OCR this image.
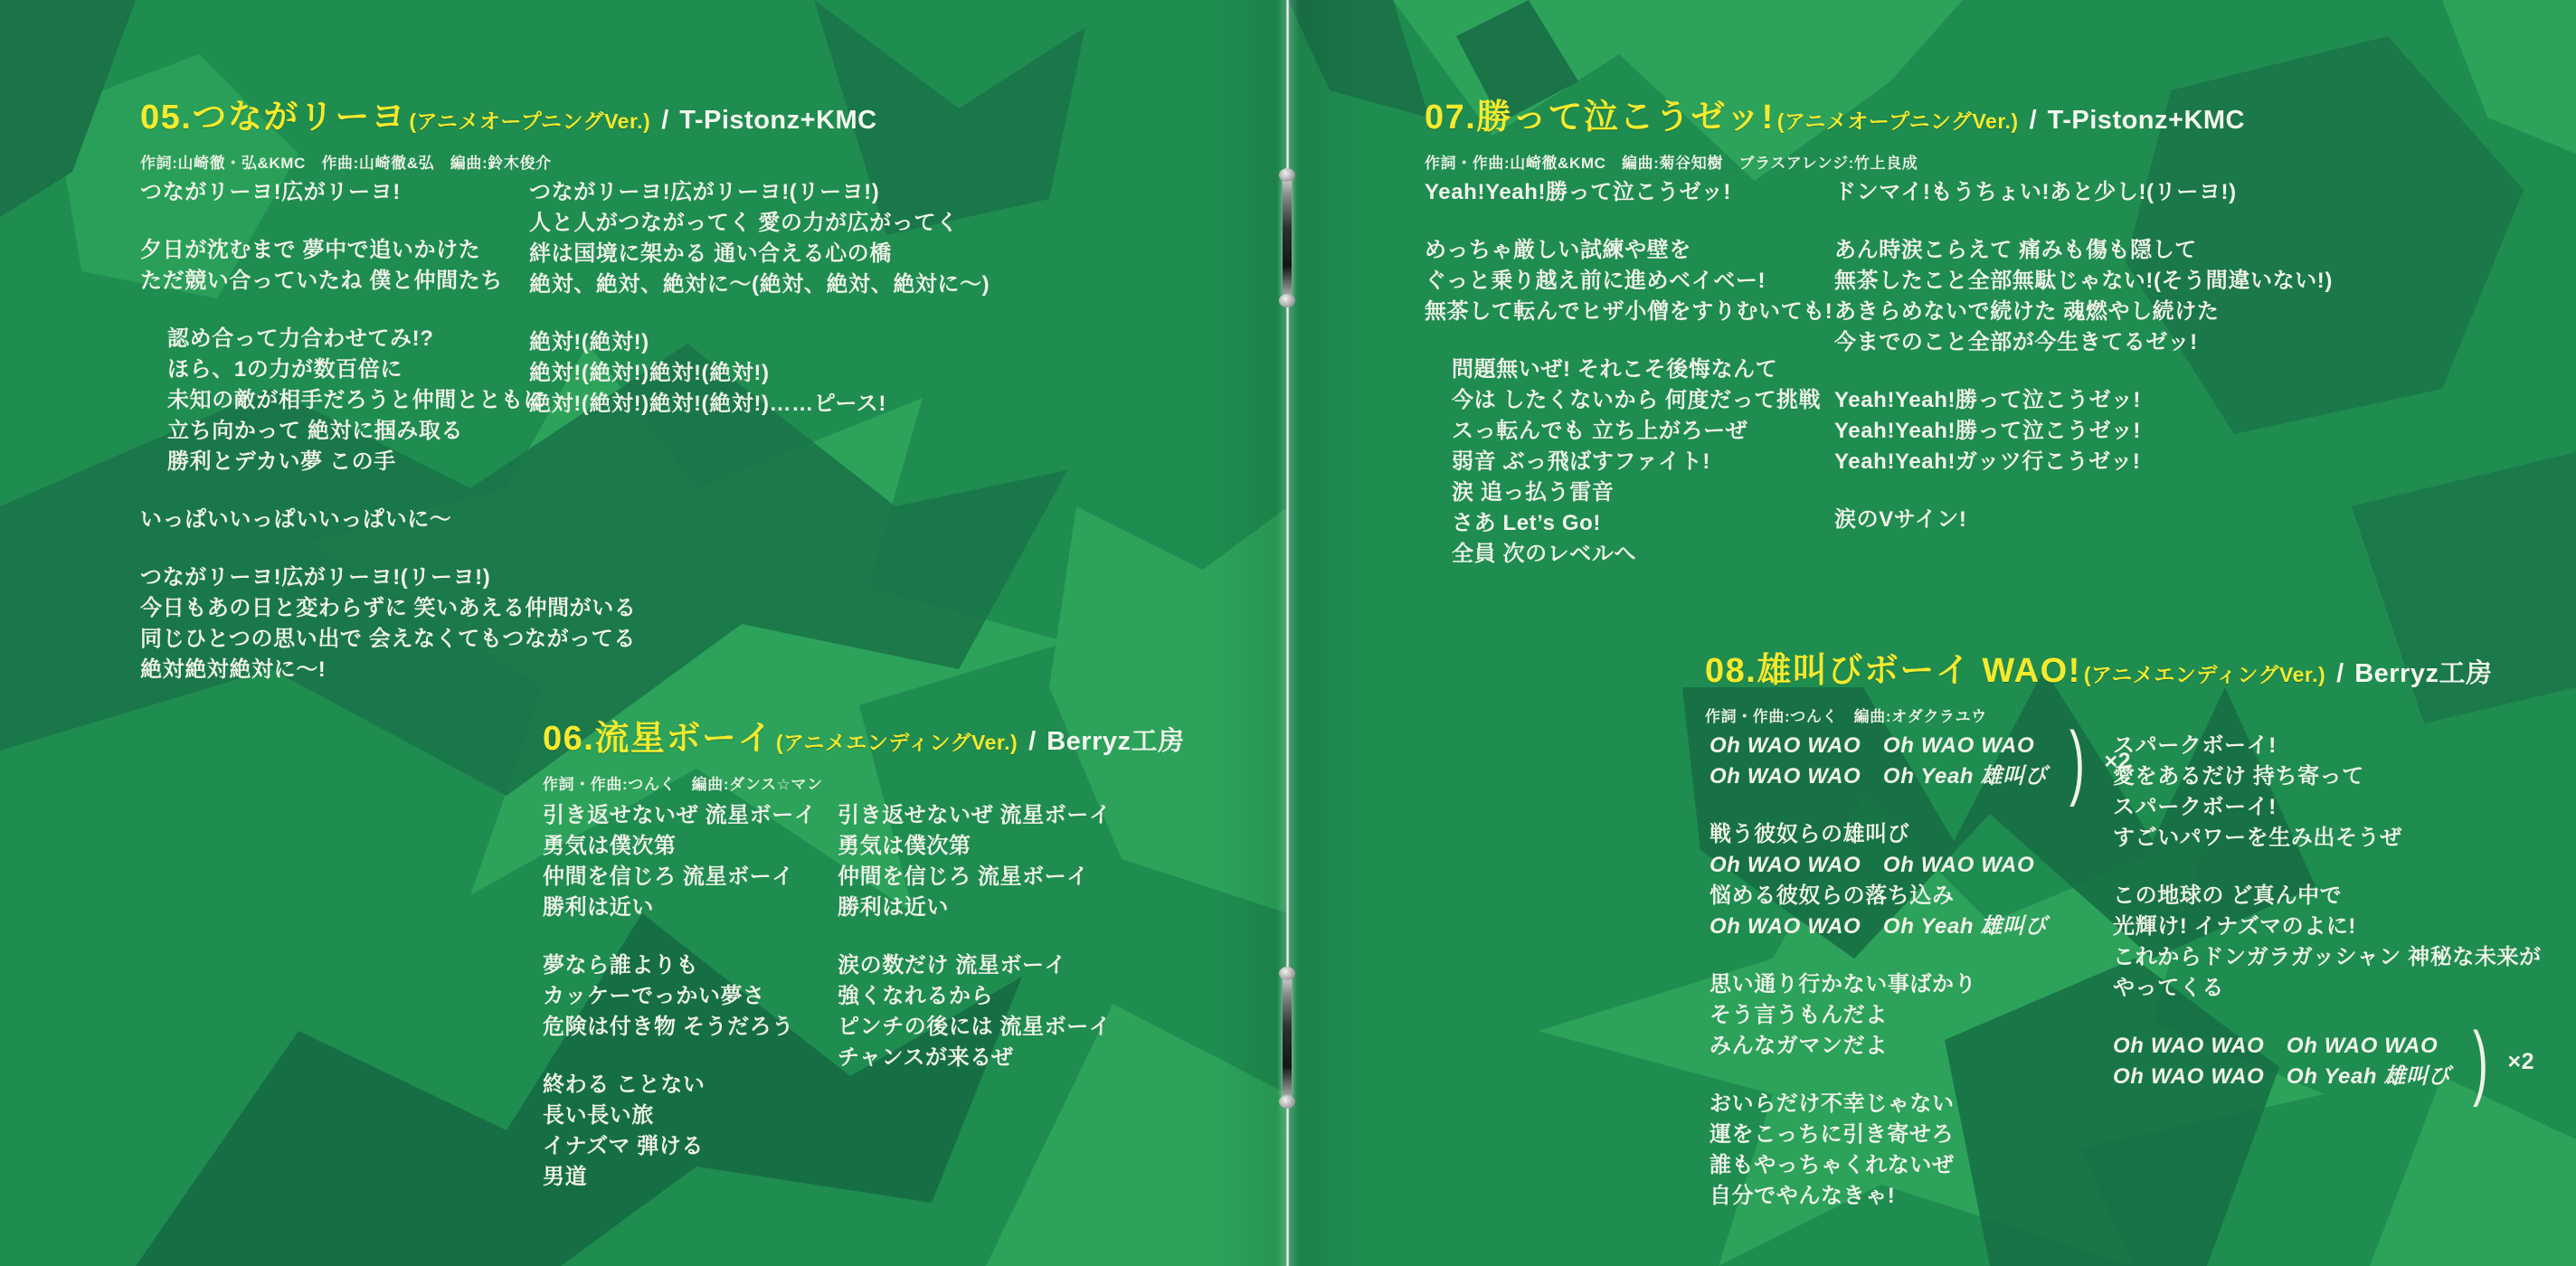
05. つながリーヨ (アニメオープニングVer.) / T-Pistonz+KMC
作詞:山崎徹・弘&KMC　作曲:山崎徹&弘　編曲:鈴木俊介
つながリーヨ!広がリーヨ!
夕日が沈むまで 夢中で追いかけた
ただ競い合っていたね 僕と仲間たち
認め合って力合わせてみ!?
ほら、1の力が数百倍に
未知の敵が相手だろうと仲間とともに
立ち向かって 絶対に掴み取る
勝利とデカい夢 この手
いっぱいいっぱいいっぱいに〜
つながリーヨ!広がリーヨ!(リーヨ!)
今日もあの日と変わらずに 笑いあえる仲間がいる
同じひとつの思い出で 会えなくてもつながってる
絶対絶対絶対に〜!
つながリーヨ!広がリーヨ!(リーヨ!)
人と人がつながってく 愛の力が広がってく
絆は国境に架かる 通い合える心の橋
絶対、絶対、絶対に〜(絶対、絶対、絶対に〜)
絶対!(絶対!)
絶対!(絶対!)絶対!(絶対!)
絶対!(絶対!)絶対!(絶対!)……ピース!
06. 流星ボーイ (アニメエンディングVer.) / Berryz工房
作詞・作曲:つんく　編曲:ダンス☆マン
引き返せないぜ 流星ボーイ
勇気は僕次第
仲間を信じろ 流星ボーイ
勝利は近い
夢なら誰よりも
カッケーでっかい夢さ
危険は付き物 そうだろう
終わる ことない
長い長い旅
イナズマ 弾ける
男道
引き返せないぜ 流星ボーイ
勇気は僕次第
仲間を信じろ 流星ボーイ
勝利は近い
涙の数だけ 流星ボーイ
強くなれるから
ピンチの後には 流星ボーイ
チャンスが来るぜ
07. 勝って泣こうゼッ! (アニメオープニングVer.) / T-Pistonz+KMC
作詞・作曲:山崎徹&KMC　編曲:菊谷知樹　ブラスアレンジ:竹上良成
Yeah!Yeah!勝って泣こうゼッ!
めっちゃ厳しい試練や壁を
ぐっと乗り越え前に進めベイベー!
無茶して転んでヒザ小僧をすりむいても!
問題無いぜ! それこそ後悔なんて
今は したくないから 何度だって挑戦
スっ転んでも 立ち上がろーぜ
弱音 ぶっ飛ばすファイト!
涙 追っ払う雷音
さあ Let’s Go!
全員 次のレベルへ
ドンマイ!もうちょい!あと少し!(リーヨ!)
あん時涙こらえて 痛みも傷も隠して
無茶したこと全部無駄じゃない!(そう間違いない!)
あきらめないで続けた 魂燃やし続けた
今までのこと全部が今生きてるゼッ!
Yeah!Yeah!勝って泣こうゼッ!
Yeah!Yeah!勝って泣こうゼッ!
Yeah!Yeah!ガッツ行こうゼッ!
涙のVサイン!
08. 雄叫びボーイ WAO! (アニメエンディングVer.) / Berryz工房
作詞・作曲:つんく　編曲:オダクラユウ
Oh WAO WAO　Oh WAO WAO
Oh WAO WAO　Oh Yeah 雄叫び ) ×2
戦う彼奴らの雄叫び
Oh WAO WAO　Oh WAO WAO
悩める彼奴らの落ち込み
Oh WAO WAO　Oh Yeah 雄叫び
思い通り行かない事ばかり
そう言うもんだよ
みんなガマンだよ
おいらだけ不幸じゃない
運をこっちに引き寄せろ
誰もやっちゃくれないぜ
自分でやんなきゃ!
スパークボーイ!
愛をあるだけ 持ち寄って
スパークボーイ!
すごいパワーを生み出そうぜ
この地球の ど真ん中で
光輝け! イナズマのよに!
これからドンガラガッシャン 神秘な未来が
やってくる
Oh WAO WAO　Oh WAO WAO
Oh WAO WAO　Oh Yeah 雄叫び ) ×2
